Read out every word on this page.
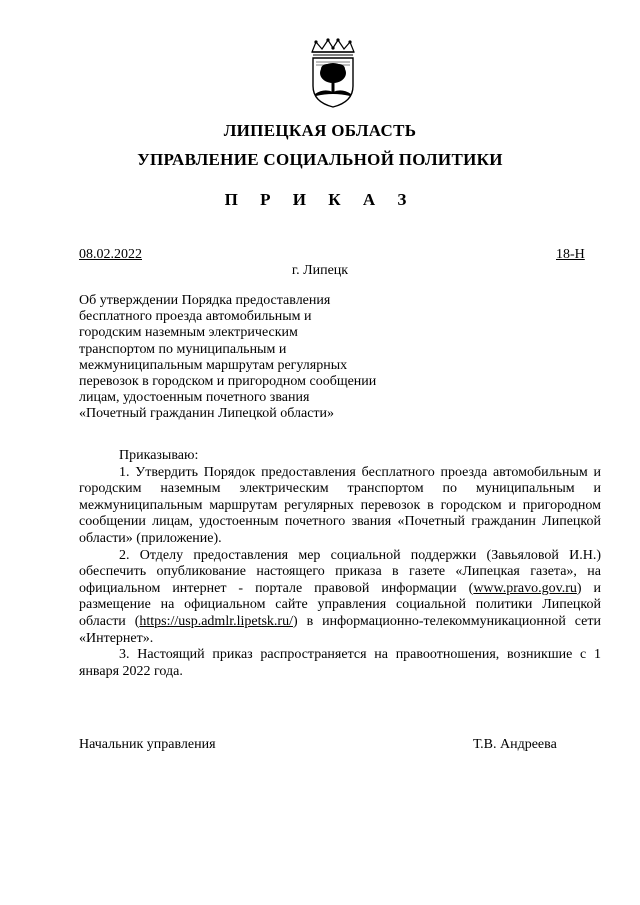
ЛИПЕЦКАЯ ОБЛАСТЬ
УПРАВЛЕНИЕ СОЦИАЛЬНОЙ ПОЛИТИКИ
П Р И К А З
08.02.2022	18-Н
г. Липецк
Об утверждении Порядка предоставления
бесплатного проезда автомобильным и
городским наземным электрическим
транспортом по муниципальным и
межмуниципальным маршрутам регулярных
перевозок в городском и пригородном сообщении
лицам, удостоенным почетного звания
«Почетный гражданин Липецкой области»

Приказываю:

1. Утвердить Порядок предоставления бесплатного проезда автомобильным и городским наземным электрическим транспортом по муниципальным и межмуниципальным маршрутам регулярных перевозок в городском и пригородном сообщении лицам, удостоенным почетного звания «Почетный гражданин Липецкой области» (приложение).

2. Отделу предоставления мер социальной поддержки (Завьяловой И.Н.) обеспечить опубликование настоящего приказа в газете «Липецкая газета», на официальном интернет - портале правовой информации (www.pravo.gov.ru) и размещение на официальном сайте управления социальной политики Липецкой области (https://usp.admlr.lipetsk.ru/) в информационно-телекоммуникационной сети «Интернет».

3. Настоящий приказ распространяется на правоотношения, возникшие с 1 января 2022 года.

Начальник управления	Т.В. Андреева
